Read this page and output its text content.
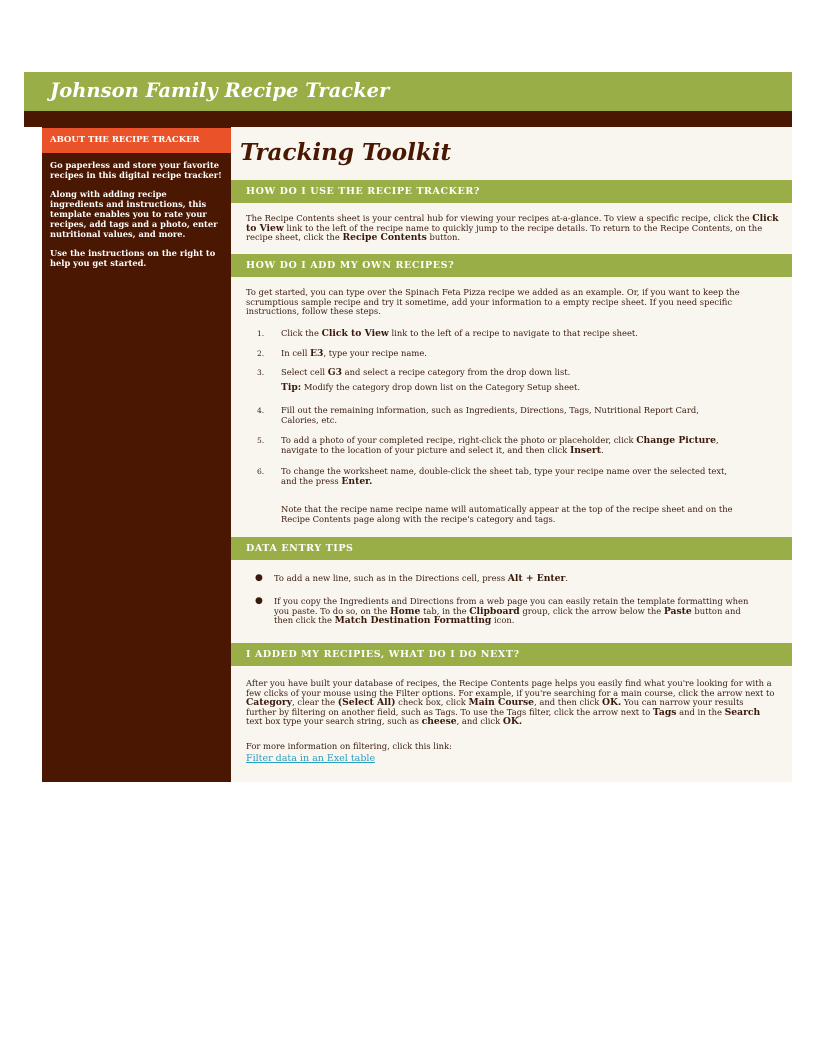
Johnson Family Recipe Tracker
ABOUT THE RECIPE TRACKER

Go paperless and store your favorite recipes in this digital recipe tracker!

Along with adding recipe ingredients and instructions, this template enables you to rate your recipes, add tags and a photo, enter nutritional values, and more.

Use the instructions on the right to help you get started.

Tracking Toolkit
HOW DO I USE THE RECIPE TRACKER?
The Recipe Contents sheet is your central hub for viewing your recipes at-a-glance. To view a specific recipe, click the Click to View link to the left of the recipe name to quickly jump to the recipe details. To return to the Recipe Contents, on the recipe sheet, click the Recipe Contents button.
HOW DO I ADD MY OWN RECIPES?
To get started, you can type over the Spinach Feta Pizza recipe we added as an example. Or, if you want to keep the scrumptious sample recipe and try it sometime, add your information to a empty recipe sheet. If you need specific instructions, follow these steps.
1. Click the Click to View link to the left of a recipe to navigate to that recipe sheet.
2. In cell E3, type your recipe name.
3. Select cell G3 and select a recipe category from the drop down list.
Tip: Modify the category drop down list on the Category Setup sheet.
4. Fill out the remaining information, such as Ingredients, Directions, Tags, Nutritional Report Card, Calories, etc.
5. To add a photo of your completed recipe, right-click the photo or placeholder, click Change Picture, navigate to the location of your picture and select it, and then click Insert.
6. To change the worksheet name, double-click the sheet tab, type your recipe name over the selected text, and the press Enter.
Note that the recipe name recipe name will automatically appear at the top of the recipe sheet and on the Recipe Contents page along with the recipe's category and tags.
DATA ENTRY TIPS
● To add a new line, such as in the Directions cell, press Alt + Enter.
● If you copy the Ingredients and Directions from a web page you can easily retain the template formatting when you paste. To do so, on the Home tab, in the Clipboard group, click the arrow below the Paste button and then click the Match Destination Formatting icon.
I ADDED MY RECIPIES, WHAT DO I DO NEXT?
After you have built your database of recipes, the Recipe Contents page helps you easily find what you're looking for with a few clicks of your mouse using the Filter options. For example, if you're searching for a main course, click the arrow next to Category, clear the (Select All) check box, click Main Course, and then click OK. You can narrow your results further by filtering on another field, such as Tags. To use the Tags filter, click the arrow next to Tags and in the Search text box type your search string, such as cheese, and click OK.
For more information on filtering, click this link:
Filter data in an Exel table
